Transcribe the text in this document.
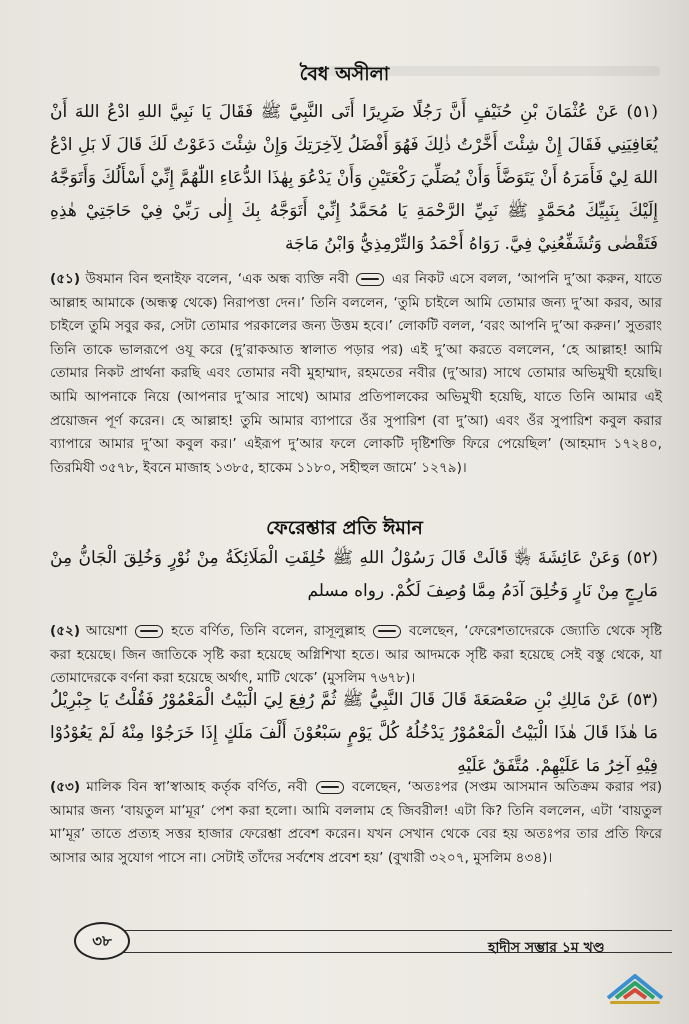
বৈধ অসীলা
(٥١) عَنْ عُثْمَانَ بْنِ حُنَيْفٍ أَنَّ رَجُلًا ضَرِيرًا أَتَى النَّبِيَّ ﷺ فَقَالَ يَا نَبِيَّ اللهِ ادْعُ اللهَ أَنْ يُعَافِيَنِي فَقَالَ إِنْ شِئْتَ أَخَّرْتُ ذٰلِكَ فَهُوَ أَفْضَلُ لِآخِرَتِكَ وَإِنْ شِئْتَ دَعَوْتُ لَكَ قَالَ لَا بَلِ ادْعُ اللهَ لِيْ فَأَمَرَهُ أَنْ يَتَوَضَّأَ وَأَنْ يُصَلِّيَ رَكْعَتَيْنِ وَأَنْ يَدْعُوَ بِهٰذَا الدُّعَاءِ اللّٰهُمَّ إِنِّيْ أَسْأَلُكَ وَأَتَوَجَّهُ إِلَيْكَ بِنَبِيِّكَ مُحَمَّدٍ ﷺ نَبِيِّ الرَّحْمَةِ يَا مُحَمَّدُ إِنِّيْ أَتَوَجَّهُ بِكَ إِلٰى رَبِّيْ فِيْ حَاجَتِيْ هٰذِهِ فَتَقْضٰى وَتُشَفِّعُنِيْ فِيَّ. رَوَاهُ أَحْمَدُ وَالتِّرْمِذِيُّ وَابْنُ مَاجَة
(৫১) উষমান বিন হুনাইফ বলেন, ‘এক অন্ধ ব্যক্তি নবী  এর নিকট এসে বলল, ‘আপনি দু’আ করুন, যাতে আল্লাহ আমাকে (অন্ধত্ব থেকে) নিরাপত্তা দেন।’ তিনি বললেন, ‘তুমি চাইলে আমি তোমার জন্য দু’আ করব, আর চাইলে তুমি সবুর কর, সেটা তোমার পরকালের জন্য উত্তম হবে।’ লোকটি বলল, ‘বরং আপনি দু’আ করুন।’ সুতরাং তিনি তাকে ভালরূপে ওযূ করে (দু’রাকআত স্বালাত পড়ার পর) এই দু’আ করতে বললেন, ‘হে আল্লাহ! আমি তোমার নিকট প্রার্থনা করছি এবং তোমার নবী মুহাম্মাদ, রহমতের নবীর (দু’আর) সাথে তোমার অভিমুখী হয়েছি। আমি আপনাকে নিয়ে (আপনার দু’আর সাথে) আমার প্রতিপালকের অভিমুখী হয়েছি, যাতে তিনি আমার এই প্রয়োজন পূর্ণ করেন। হে আল্লাহ! তুমি আমার ব্যাপারে ওঁর সুপারিশ (বা দু’আ) এবং ওঁর সুপারিশ কবুল করার ব্যাপারে আমার দু’আ কবুল কর।’ এইরূপ দু’আর ফলে লোকটি দৃষ্টিশক্তি ফিরে পেয়েছিল’ (আহমাদ ১৭২৪০, তিরমিযী ৩৫৭৮, ইবনে মাজাহ ১৩৮৫, হাকেম ১১৮০, সহীহুল জামে’ ১২৭৯)।
ফেরেশ্তার প্রতি ঈমান
(٥٢) وَعَنْ عَائِشَةَ ﵂ قَالَتْ قَالَ رَسُوْلُ اللهِ ﷺ خُلِقَتِ الْمَلَائِكَةُ مِنْ نُوْرٍ وَخُلِقَ الْجَانُّ مِنْ مَارِجٍ مِنْ نَارٍ وَخُلِقَ آدَمُ مِمَّا وُصِفَ لَكُمْ. رواه مسلم
(৫২) আয়েশা  হতে বর্ণিত, তিনি বলেন, রাসূলুল্লাহ  বলেছেন, ‘ফেরেশতাদেরকে জ্যোতি থেকে সৃষ্টি করা হয়েছে। জিন জাতিকে সৃষ্টি করা হয়েছে অগ্নিশিখা হতে। আর আদমকে সৃষ্টি করা হয়েছে সেই বস্তু থেকে, যা তোমাদেরকে বর্ণনা করা হয়েছে অর্থাৎ, মাটি থেকে’ (মুসলিম ৭৬৭৮)।
(٥٣) عَنْ مَالِكِ بْنِ صَعْصَعَةَ قَالَ قَالَ النَّبِيُّ ﷺ ثُمَّ رُفِعَ لِيَ الْبَيْتُ الْمَعْمُوْرُ فَقُلْتُ يَا جِبْرِيْلُ مَا هٰذَا قَالَ هٰذَا الْبَيْتُ الْمَعْمُوْرُ يَدْخُلُهُ كُلَّ يَوْمٍ سَبْعُوْنَ أَلْفَ مَلَكٍ إِذَا خَرَجُوْا مِنْهُ لَمْ يَعُوْدُوْا فِيْهِ آخِرُ مَا عَلَيْهِمْ. مُتَّفَقٌ عَلَيْهِ
(৫৩) মালিক বিন স্বা’স্বাআহ কর্তৃক বর্ণিত, নবী  বলেছেন, ‘অতঃপর (সপ্তম আসমান অতিক্রম করার পর) আমার জন্য ‘বায়তুল মা’মূর’ পেশ করা হলো। আমি বললাম হে জিবরীল! এটা কি? তিনি বললেন, এটা ‘বায়তুল মা’মূর’ তাতে প্রত্যহ সত্তর হাজার ফেরেশ্তা প্রবেশ করেন। যখন সেখান থেকে বের হয় অতঃপর তার প্রতি ফিরে আসার আর সুযোগ পাসে না। সেটাই তাঁদের সর্বশেষ প্রবেশ হয়’ (বুখারী ৩২০৭, মুসলিম ৪৩৪)।
৩৮	হাদীস সম্ভার ১ম খণ্ড
